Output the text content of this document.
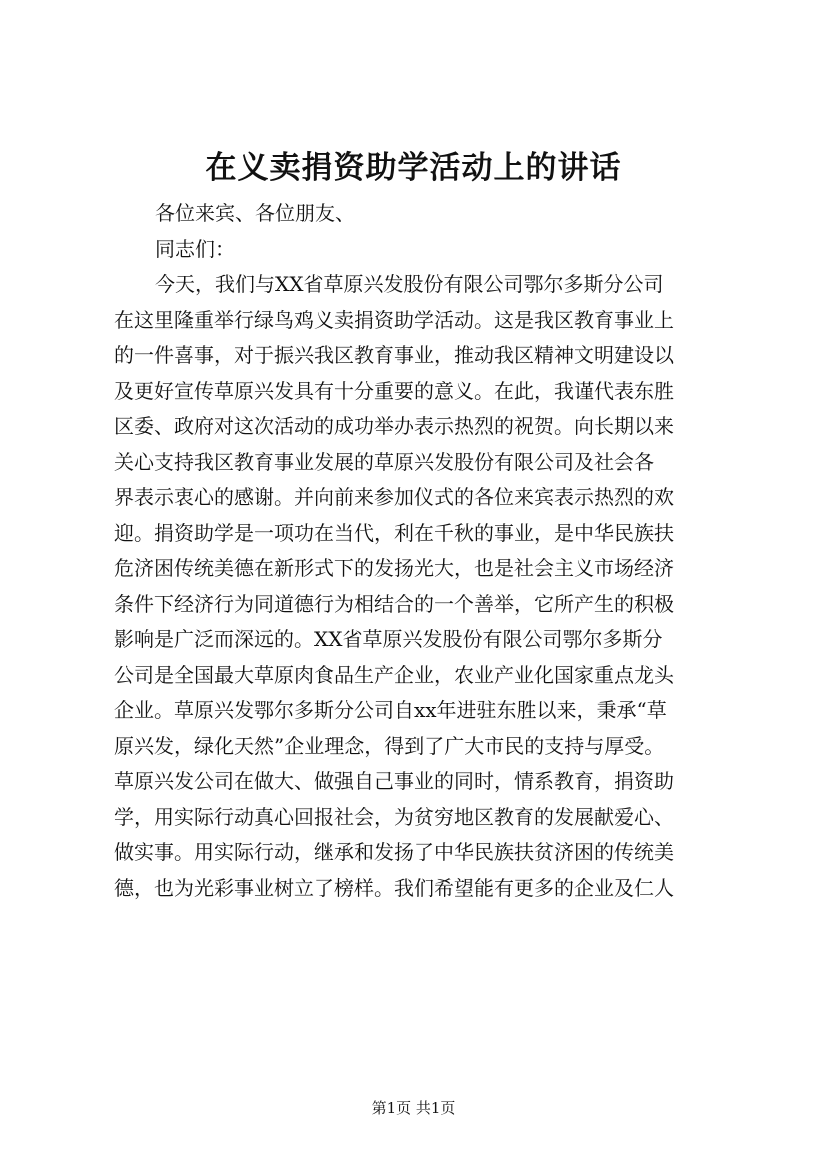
在义卖捐资助学活动上的讲话
各位来宾、各位朋友、
同志们：
今天，我们与XX省草原兴发股份有限公司鄂尔多斯分公司
在这里隆重举行绿鸟鸡义卖捐资助学活动。这是我区教育事业上
的一件喜事，对于振兴我区教育事业，推动我区精神文明建设以
及更好宣传草原兴发具有十分重要的意义。在此，我谨代表东胜
区委、政府对这次活动的成功举办表示热烈的祝贺。向长期以来
关心支持我区教育事业发展的草原兴发股份有限公司及社会各
界表示衷心的感谢。并向前来参加仪式的各位来宾表示热烈的欢
迎。捐资助学是一项功在当代，利在千秋的事业，是中华民族扶
危济困传统美德在新形式下的发扬光大，也是社会主义市场经济
条件下经济行为同道德行为相结合的一个善举，它所产生的积极
影响是广泛而深远的。XX省草原兴发股份有限公司鄂尔多斯分
公司是全国最大草原肉食品生产企业，农业产业化国家重点龙头
企业。草原兴发鄂尔多斯分公司自xx年进驻东胜以来，秉承“草
原兴发，绿化天然”企业理念，得到了广大市民的支持与厚受。
草原兴发公司在做大、做强自己事业的同时，情系教育，捐资助
学，用实际行动真心回报社会，为贫穷地区教育的发展献爱心、
做实事。用实际行动，继承和发扬了中华民族扶贫济困的传统美
德，也为光彩事业树立了榜样。我们希望能有更多的企业及仁人
第1页 共1页
